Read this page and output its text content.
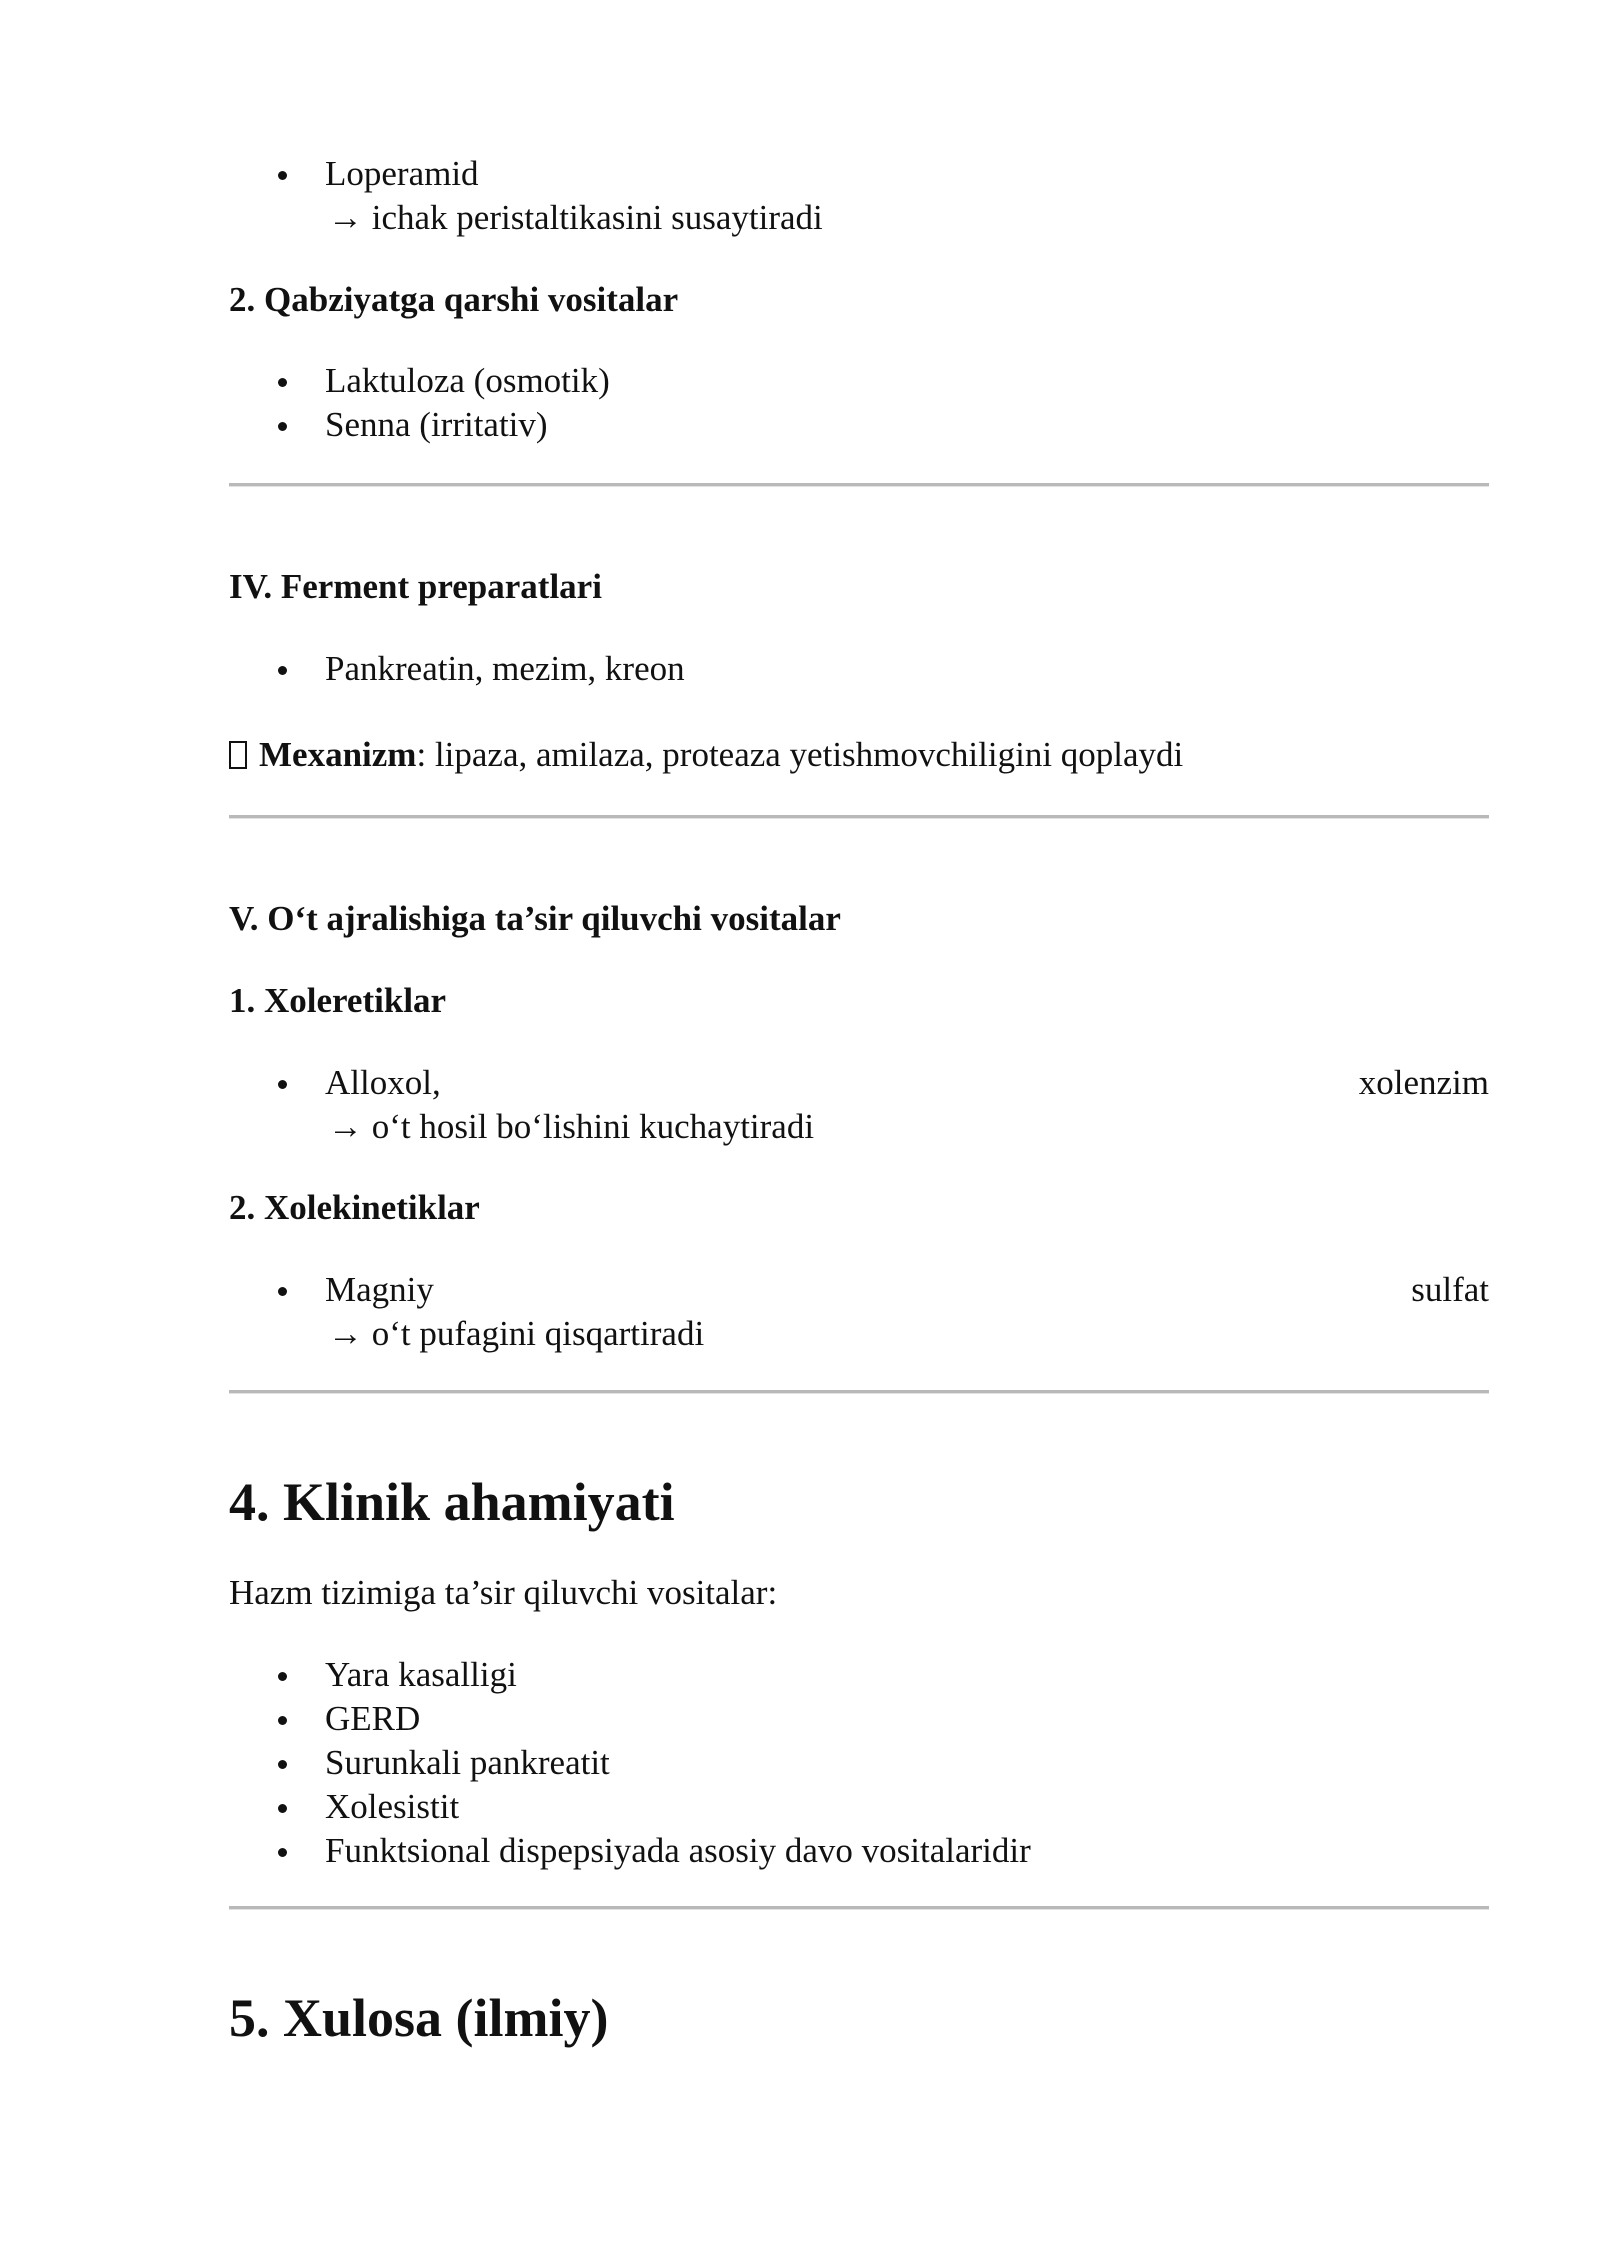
Loperamid
→ ichak peristaltikasini susaytiradi
2. Qabziyatga qarshi vositalar
Laktuloza (osmotik)
Senna (irritativ)
IV. Ferment preparatlari
Pankreatin, mezim, kreon
Mexanizm: lipaza, amilaza, proteaza yetishmovchiligini qoplaydi
V. O‘t ajralishiga ta’sir qiluvchi vositalar
1. Xoleretiklar
Alloxol,	xolenzim
→ o‘t hosil bo‘lishini kuchaytiradi
2. Xolekinetiklar
Magniy	sulfat
→ o‘t pufagini qisqartiradi
4. Klinik ahamiyati
Hazm tizimiga ta’sir qiluvchi vositalar:
Yara kasalligi
GERD
Surunkali pankreatit
Xolesistit
Funktsional dispepsiyada asosiy davo vositalaridir
5. Xulosa (ilmiy)
